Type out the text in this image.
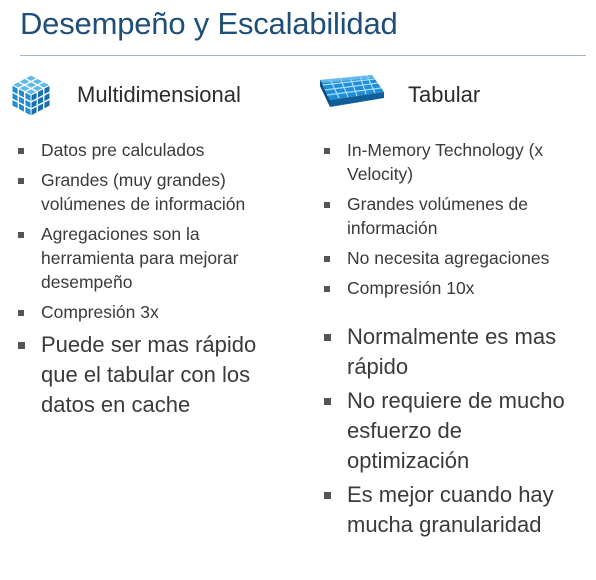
Desempeño y Escalabilidad
Multidimensional	Tabular
Datos pre calculados
Grandes (muy grandes) volúmenes de información
Agregaciones son la herramienta para mejorar desempeño
Compresión 3x
Puede ser mas rápido que el tabular con los datos en cache
In-Memory Technology (x Velocity)
Grandes volúmenes de información
No necesita agregaciones
Compresión 10x
Normalmente es mas rápido
No requiere de mucho esfuerzo de optimización
Es mejor cuando hay mucha granularidad
